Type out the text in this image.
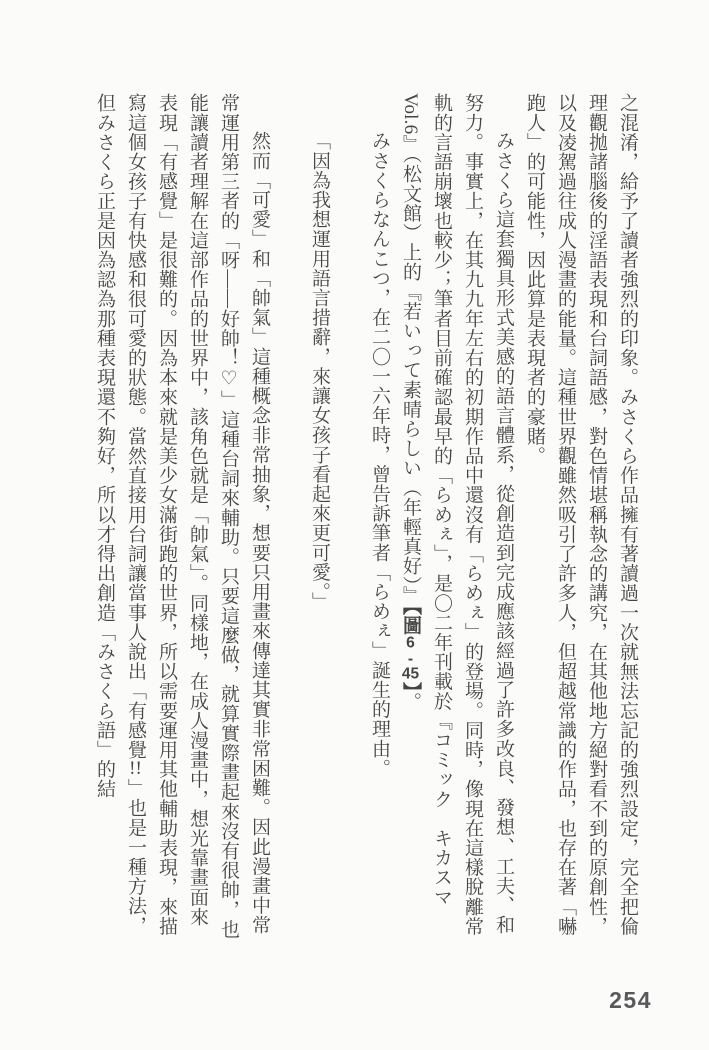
之混淆，給予了讀者強烈的印象。みさくら作品擁有著讀過一次就無法忘記的強烈設定，完全把倫理觀拋諸腦後的淫語表現和台詞語感，對色情堪稱執念的講究，在其他地方絕對看不到的原創性，以及凌駕過往成人漫畫的能量。這種世界觀雖然吸引了許多人，但超越常識的作品，也存在著「嚇跑人」的可能性，因此算是表現者的豪賭。

みさくら這套獨具形式美感的語言體系，從創造到完成應該經過了許多改良、發想、工夫、和努力。事實上，在其九九年左右的初期作品中還沒有「らめぇ」的登場。同時，像現在這樣脫離常軌的言語崩壞也較少；筆者目前確認最早的「らめぇ」，是〇二年刊載於『コミック　キカスマVol.6』（松文館）上的『若いって素晴らしい（年輕真好）』【圖6-45】。

みさくらなんこつ，在二〇一六年時，曾告訴筆者「らめぇ」誕生的理由。

「因為我想運用語言措辭，來讓女孩子看起來更可愛。」

然而「可愛」和「帥氣」這種概念非常抽象，想要只用畫來傳達其實非常困難。因此漫畫中常常運用第三者的「呀——好帥！♡」這種台詞來輔助。只要這麼做，就算實際畫起來沒有很帥，也能讓讀者理解在這部作品的世界中，該角色就是「帥氣」。同樣地，在成人漫畫中，想光靠畫面來表現「有感覺」是很難的。因為本來就是美少女滿街跑的世界，所以需要運用其他輔助表現，來描寫這個女孩子有快感和很可愛的狀態。當然直接用台詞讓當事人說出「有感覺!!」也是一種方法，但みさくら正是因為認為那種表現還不夠好，所以才得出創造「みさくら語」的結

254
